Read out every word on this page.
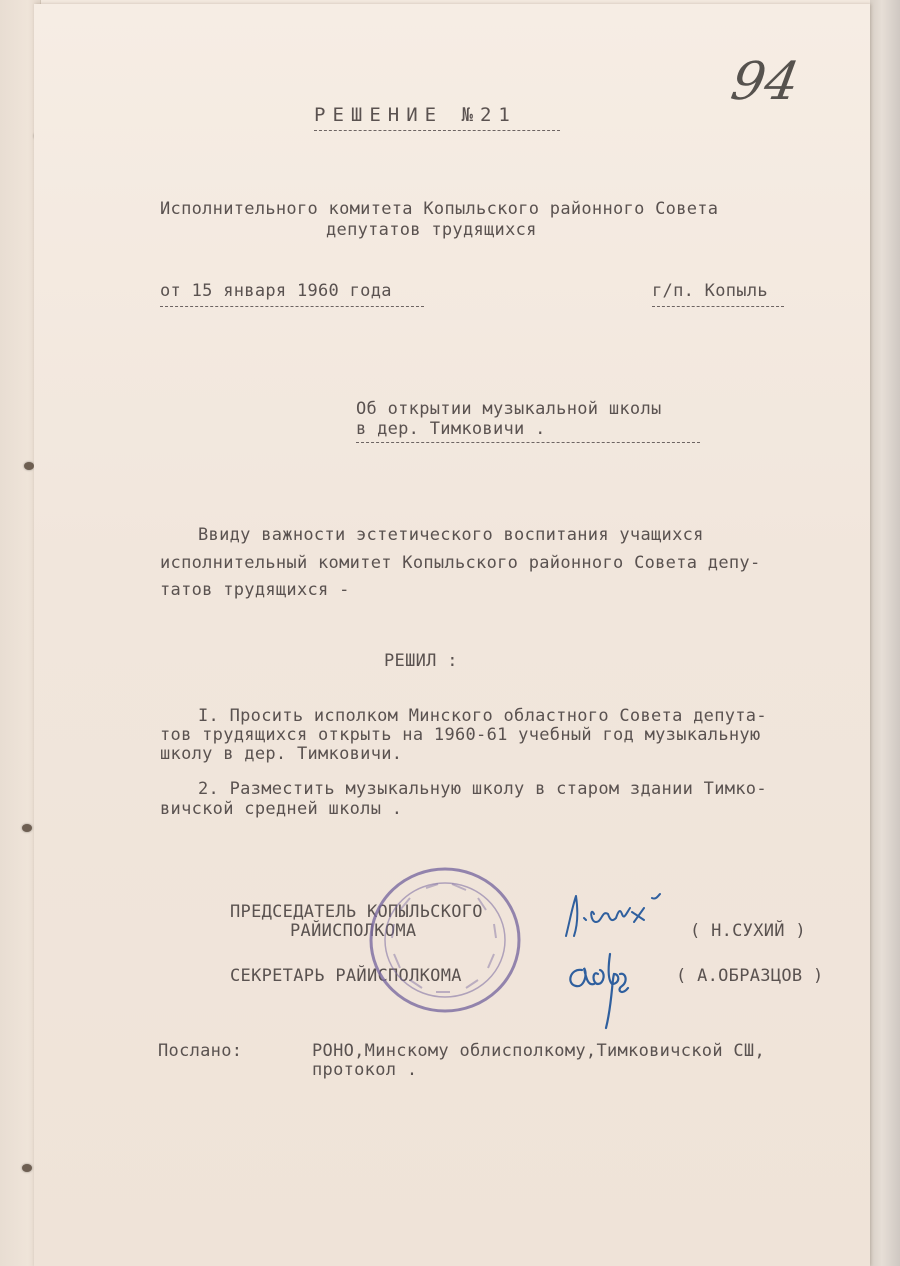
94
РЕШЕНИЕ №21
Исполнительного комитета Копыльского районного Совета
депутатов трудящихся
от 15 января 1960 года	г/п. Копыль
Об открытии музыкальной школы
в дер. Тимковичи .
Ввиду важности эстетического воспитания учащихся
исполнительный комитет Копыльского районного Совета депу-
татов трудящихся -
РЕШИЛ :
I. Просить исполком Минского областного Совета депута-
тов трудящихся открыть на 1960-61 учебный год музыкальную
школу в дер. Тимковичи.
2. Разместить музыкальную школу в старом здании Тимко-
вичской средней школы .
ПРЕДСЕДАТЕЛЬ КОПЫЛЬСКОГО
РАЙИСПОЛКОМА	( Н.СУХИЙ )
СЕКРЕТАРЬ РАЙИСПОЛКОМА	( А.ОБРАЗЦОВ )
Послано:	РОНО,Минскому облисполкому,Тимковичской СШ,
протокол .
